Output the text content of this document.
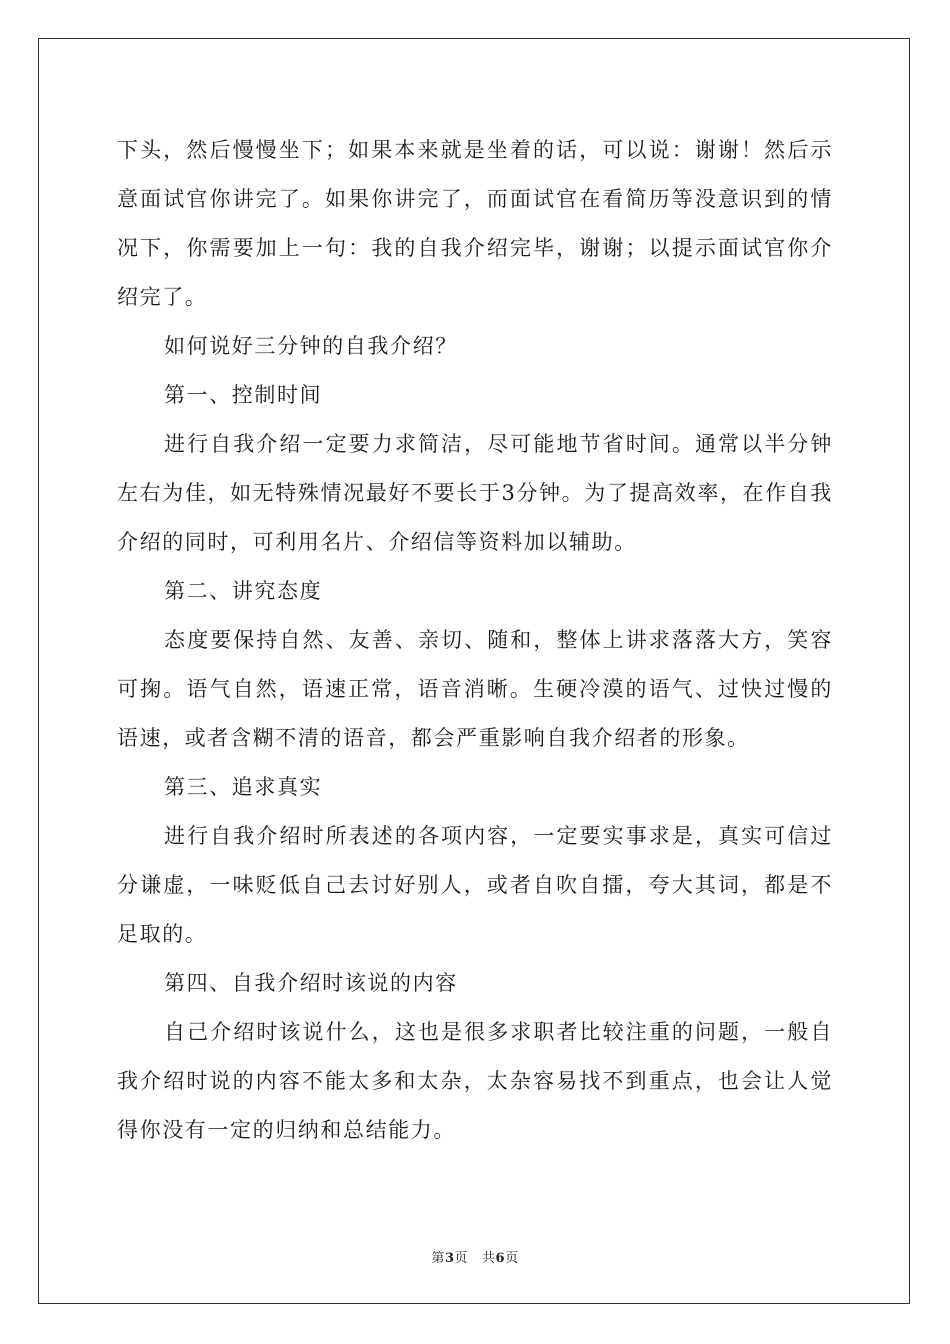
下头，然后慢慢坐下；如果本来就是坐着的话，可以说：谢谢！然后示意面试官你讲完了。如果你讲完了，而面试官在看简历等没意识到的情况下，你需要加上一句：我的自我介绍完毕，谢谢；以提示面试官你介绍完了。

如何说好三分钟的自我介绍？

第一、控制时间

进行自我介绍一定要力求简洁，尽可能地节省时间。通常以半分钟左右为佳，如无特殊情况最好不要长于3分钟。为了提高效率，在作自我介绍的同时，可利用名片、介绍信等资料加以辅助。

第二、讲究态度

态度要保持自然、友善、亲切、随和，整体上讲求落落大方，笑容可掬。语气自然，语速正常，语音消晰。生硬冷漠的语气、过快过慢的语速，或者含糊不清的语音，都会严重影响自我介绍者的形象。

第三、追求真实

进行自我介绍时所表述的各项内容，一定要实事求是，真实可信过分谦虚，一味贬低自己去讨好别人，或者自吹自擂，夸大其词，都是不足取的。

第四、自我介绍时该说的内容

自己介绍时该说什么，这也是很多求职者比较注重的问题，一般自我介绍时说的内容不能太多和太杂，太杂容易找不到重点，也会让人觉得你没有一定的归纳和总结能力。

第3页 共6页
